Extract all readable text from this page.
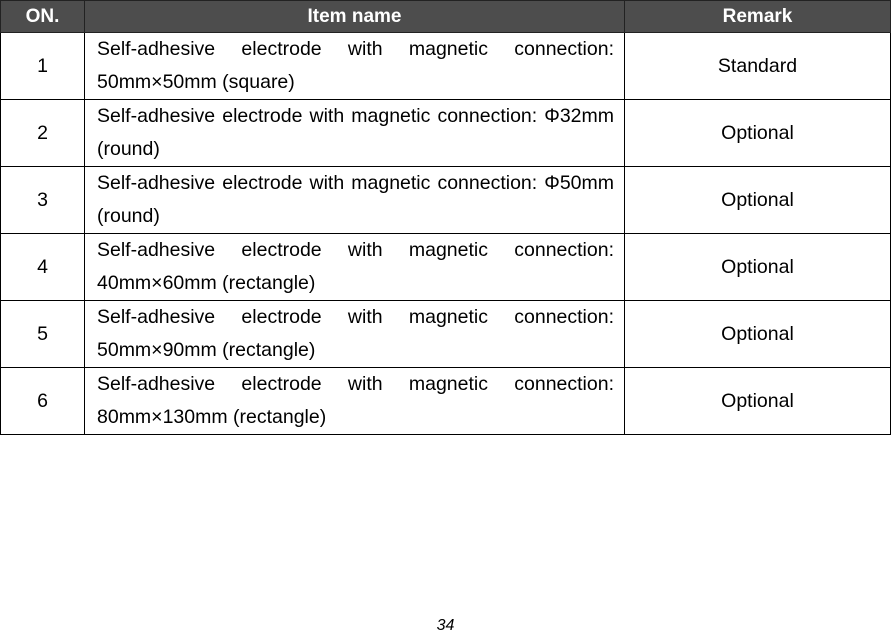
ON.	Item name	Remark
1	Self-adhesive electrode with magnetic connection: 50mm×50mm (square)	Standard
2	Self-adhesive electrode with magnetic connection: Φ32mm (round)	Optional
3	Self-adhesive electrode with magnetic connection: Φ50mm (round)	Optional
4	Self-adhesive electrode with magnetic connection: 40mm×60mm (rectangle)	Optional
5	Self-adhesive electrode with magnetic connection: 50mm×90mm (rectangle)	Optional
6	Self-adhesive electrode with magnetic connection: 80mm×130mm (rectangle)	Optional
34
